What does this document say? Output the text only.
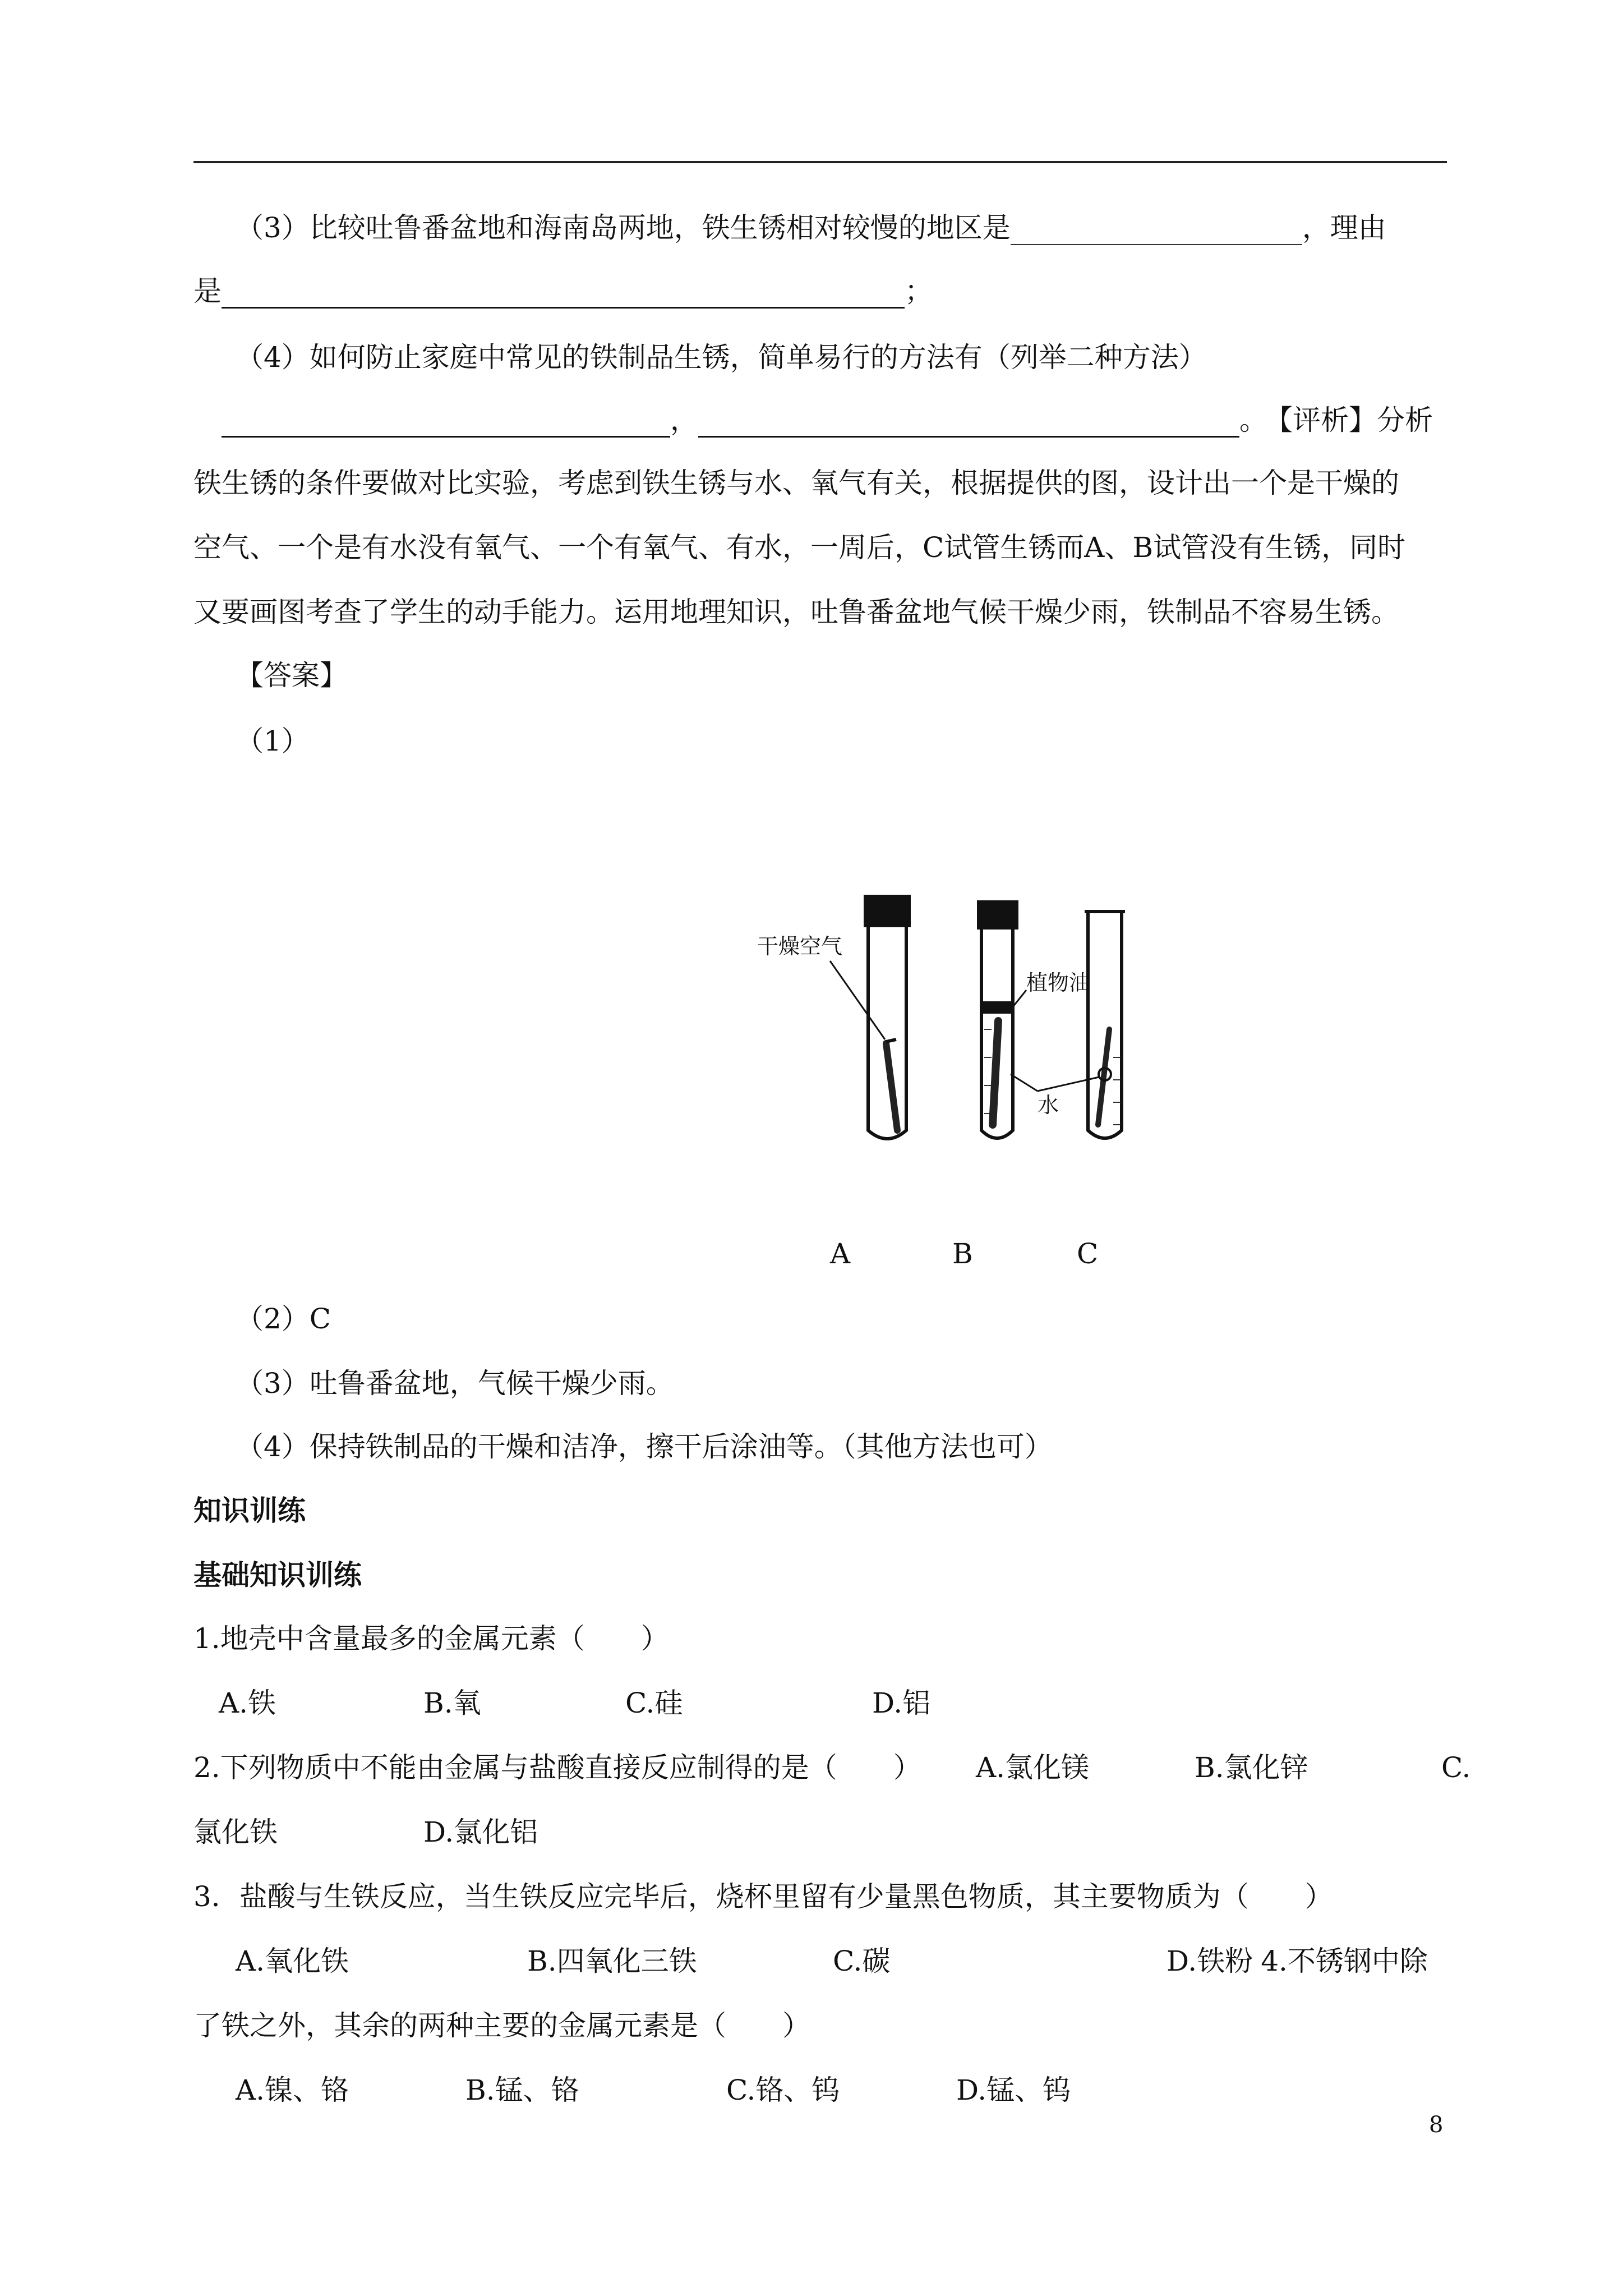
（3）比较吐鲁番盆地和海南岛两地，铁生锈相对较慢的地区是	，理由
是	；
（4）如何防止家庭中常见的铁制品生锈，简单易行的方法有（列举二种方法）
，	。 【评析】分析
铁生锈的条件要做对比实验，考虑到铁生锈与水、氧气有关，根据提供的图，设计出一个是干燥的
空气、一个是有水没有氧气、一个有氧气、有水，一周后，C试管生锈而A、B试管没有生锈，同时
又要画图考查了学生的动手能力。运用地理知识，吐鲁番盆地气候干燥少雨，铁制品不容易生锈。
【答案】
（1）
干燥空气
植物油
水
A	B	C
（2）C
（3）吐鲁番盆地，气候干燥少雨。
（4）保持铁制品的干燥和洁净，擦干后涂油等。（其他方法也可）
知识训练
基础知识训练
1.地壳中含量最多的金属元素（　　）
A.铁	B.氧	C.硅	D.铝
2.下列物质中不能由金属与盐酸直接反应制得的是（　　） A.氯化镁	B.氯化锌	C.
氯化铁	D.氯化铝
3．盐酸与生铁反应，当生铁反应完毕后，烧杯里留有少量黑色物质，其主要物质为（　　）
A.氧化铁	B.四氧化三铁	C.碳	D.铁粉 4.不锈钢中除
了铁之外，其余的两种主要的金属元素是（　　）
A.镍、铬	B.锰、铬	C.铬、钨	D.锰、钨
8
